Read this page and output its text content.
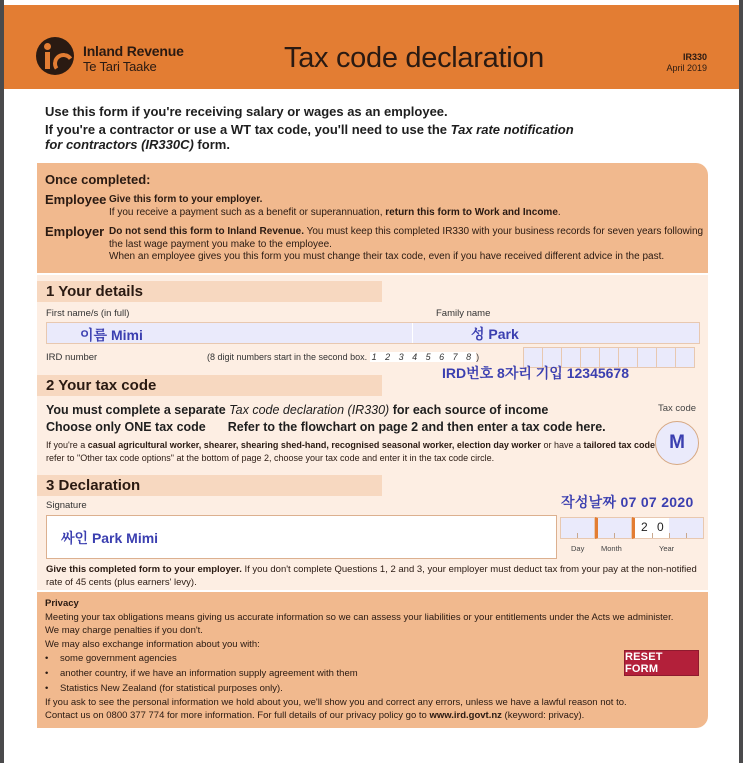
Inland Revenue
Te Tari Taake	Tax code declaration	IR330
April 2019
Use this form if you're receiving salary or wages as an employee.
If you're a contractor or use a WT tax code, you'll need to use the Tax rate notification for contractors (IR330C) form.
Once completed:
Employee Give this form to your employer.
If you receive a payment such as a benefit or superannuation, return this form to Work and Income.
Employer Do not send this form to Inland Revenue. You must keep this completed IR330 with your business records for seven years following the last wage payment you make to the employee.
When an employee gives you this form you must change their tax code, even if you have received different advice in the past.
1 Your details
First name/s (in full)	Family name
이름 Mimi	성 Park
IRD number	(8 digit numbers start in the second box. 1 2 3 4 5 6 7 8 )
IRD번호 8자리 기입 12345678
2 Your tax code
You must complete a separate Tax code declaration (IR330) for each source of income
Choose only ONE tax code Refer to the flowchart on page 2 and then enter a tax code here.
If you're a casual agricultural worker, shearer, shearing shed-hand, recognised seasonal worker, election day worker or have a tailored tax code refer to "Other tax code options" at the bottom of page 2, choose your tax code and enter it in the tax code circle.
Tax code
M
3 Declaration
Signature	작성날짜 07 07 2020
싸인 Park Mimi
2 0
Day Month	Year
Give this completed form to your employer. If you don't complete Questions 1, 2 and 3, your employer must deduct tax from your pay at the non-notified rate of 45 cents (plus earners' levy).
Privacy
Meeting your tax obligations means giving us accurate information so we can assess your liabilities or your entitlements under the Acts we administer. We may charge penalties if you don't.
We may also exchange information about you with:
• some government agencies
• another country, if we have an information supply agreement with them
• Statistics New Zealand (for statistical purposes only).
If you ask to see the personal information we hold about you, we'll show you and correct any errors, unless we have a lawful reason not to.
Contact us on 0800 377 774 for more information. For full details of our privacy policy go to www.ird.govt.nz (keyword: privacy).
RESET FORM
